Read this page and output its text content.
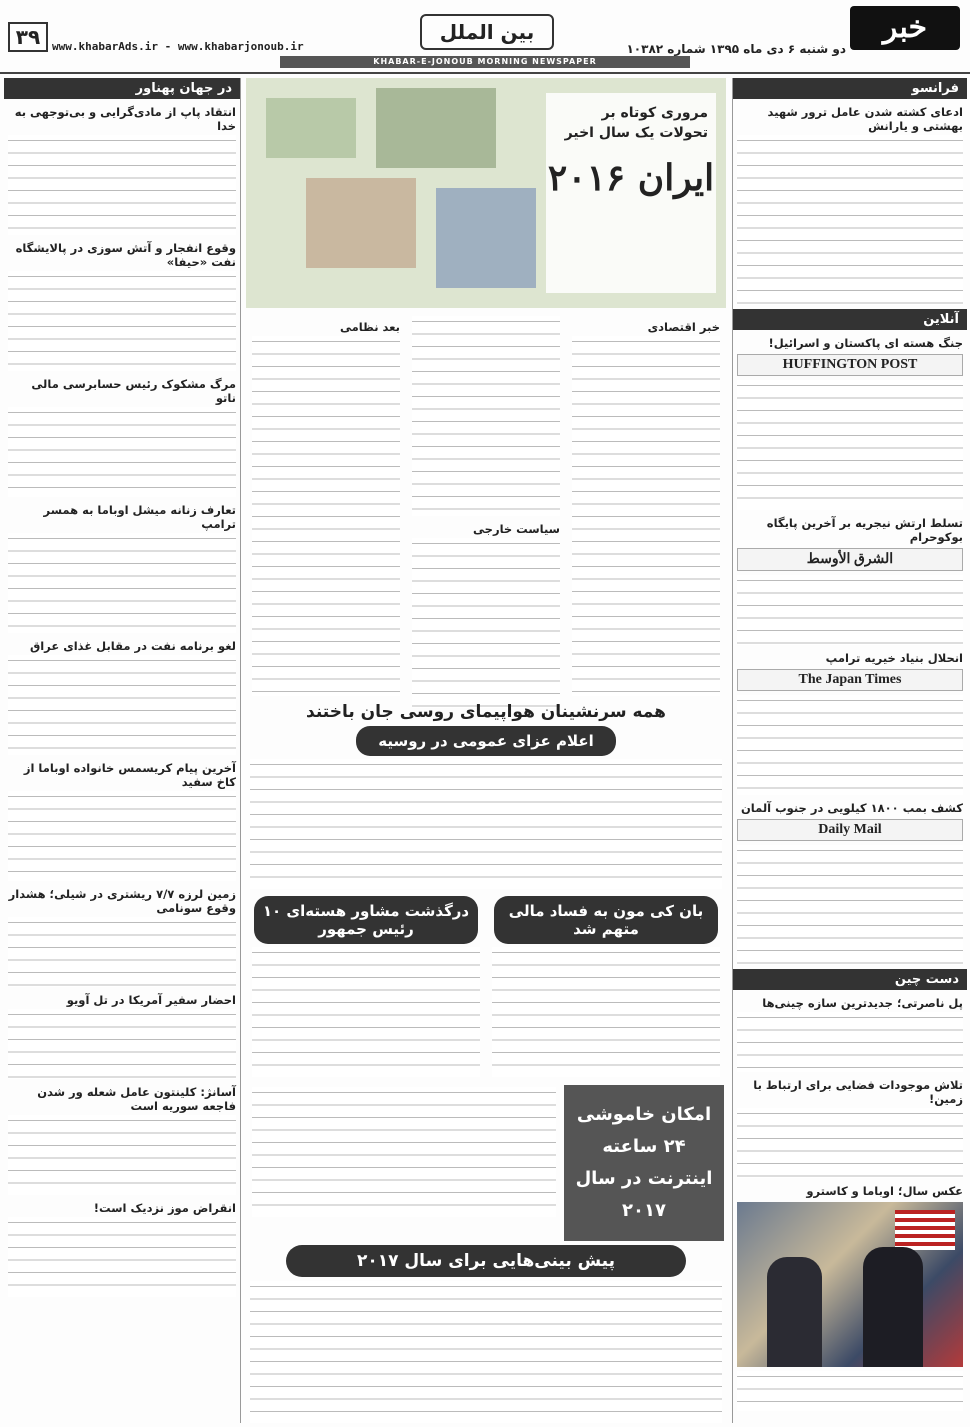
۳۹	www.khabarAds.ir - www.khabarjonoub.ir
بین الملل	خبر
دو شنبه ۶ دی ماه ۱۳۹۵ شماره ۱۰۳۸۲
KHABAR-E-JONOUB MORNING NEWSPAPER
فرانسو
ادعای کشته شدن عامل ترور شهید بهشتی و یارانش
آنلاین
جنگ هسته ای پاکستان و اسرائیل!
HUFFINGTON POST
تسلط ارتش نیجریه بر آخرین پایگاه بوکوحرام
الشرق الأوسط
انحلال بنیاد خیریه ترامپ
The Japan Times
کشف بمب ۱۸۰۰ کیلویی در جنوب آلمان
Daily Mail
دست چین
پل ناصرتی؛ جدیدترین سازه چینی‌ها
تلاش موجودات فضایی برای ارتباط با زمین!
عکس سال؛ اوباما و کاسترو
مروری کوتاه بر تحولات یک سال اخیر
ایران ۲۰۱۶
خبر اقتصادی
سیاست خارجی
بعد نظامی
همه سرنشینان هواپیمای روسی جان باختند
اعلام عزای عمومی در روسیه
بان کی مون به فساد مالی متهم شد
درگذشت مشاور هسته‌ای ۱۰ رئیس جمهور
امکان خاموشی ۲۴ ساعته اینترنت در سال ۲۰۱۷
پیش بینی‌هایی برای سال ۲۰۱۷
در جهان پهناور
انتقاد پاپ از مادی‌گرایی و بی‌توجهی به خدا
وقوع انفجار و آتش سوزی در پالایشگاه نفت «حیفا»
مرگ مشکوک رئیس حسابرسی مالی ناتو
تعارف زنانه میشل اوباما به همسر ترامپ
لغو برنامه نفت در مقابل غذای عراق
آخرین پیام کریسمس خانواده اوباما از کاخ سفید
زمین لرزه ۷/۷ ریشتری در شیلی؛ هشدار وقوع سونامی
احضار سفیر آمریکا در تل آویو
آسانژ: کلینتون عامل شعله ور شدن فاجعه سوریه است
انقراض موز نزدیک است!
